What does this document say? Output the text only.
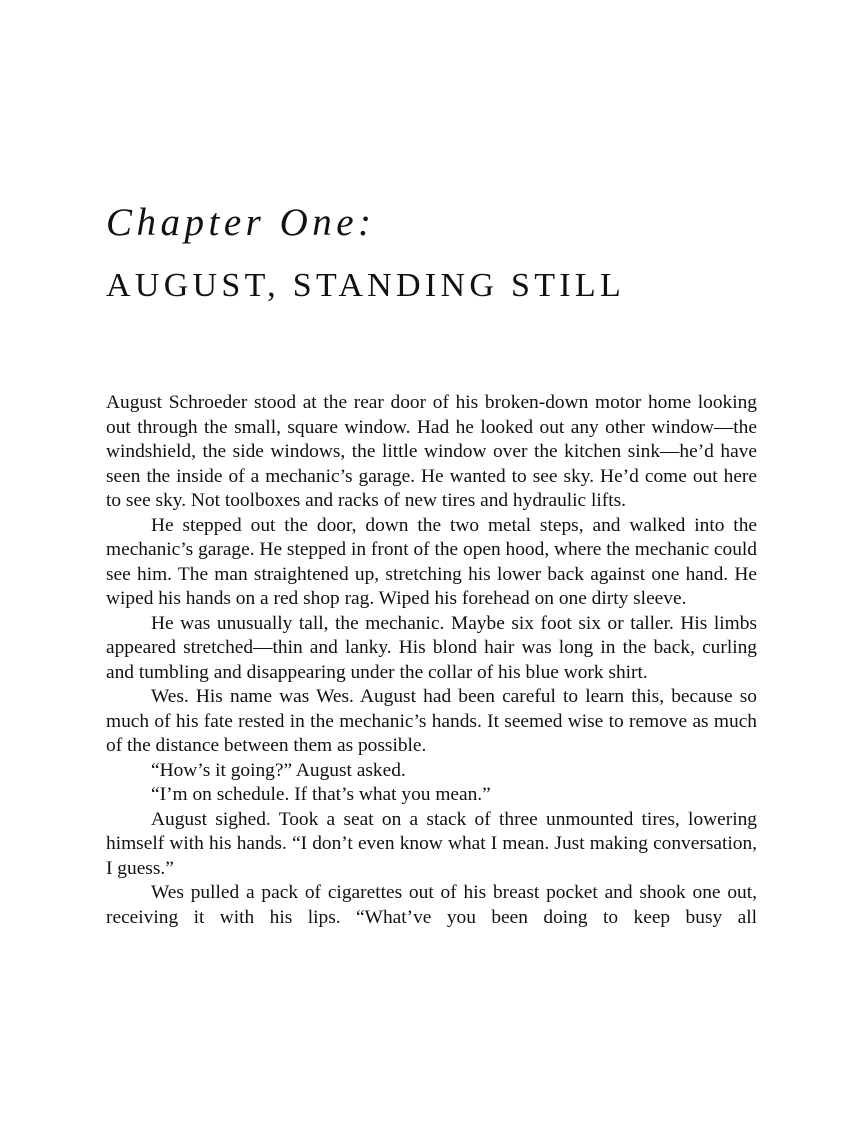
Chapter One:
AUGUST, STANDING STILL

August Schroeder stood at the rear door of his broken-down motor home looking out through the small, square window. Had he looked out any other window—the windshield, the side windows, the little window over the kitchen sink—he’d have seen the inside of a mechanic’s garage. He wanted to see sky. He’d come out here to see sky. Not toolboxes and racks of new tires and hydraulic lifts.

He stepped out the door, down the two metal steps, and walked into the mechanic’s garage. He stepped in front of the open hood, where the mechanic could see him. The man straightened up, stretching his lower back against one hand. He wiped his hands on a red shop rag. Wiped his forehead on one dirty sleeve.

He was unusually tall, the mechanic. Maybe six foot six or taller. His limbs appeared stretched—thin and lanky. His blond hair was long in the back, curling and tumbling and disappearing under the collar of his blue work shirt.

Wes. His name was Wes. August had been careful to learn this, because so much of his fate rested in the mechanic’s hands. It seemed wise to remove as much of the distance between them as possible.

“How’s it going?” August asked.

“I’m on schedule. If that’s what you mean.”

August sighed. Took a seat on a stack of three unmounted tires, lowering himself with his hands. “I don’t even know what I mean. Just making conversation, I guess.”

Wes pulled a pack of cigarettes out of his breast pocket and shook one out, receiving it with his lips. “What’ve you been doing to keep busy all
